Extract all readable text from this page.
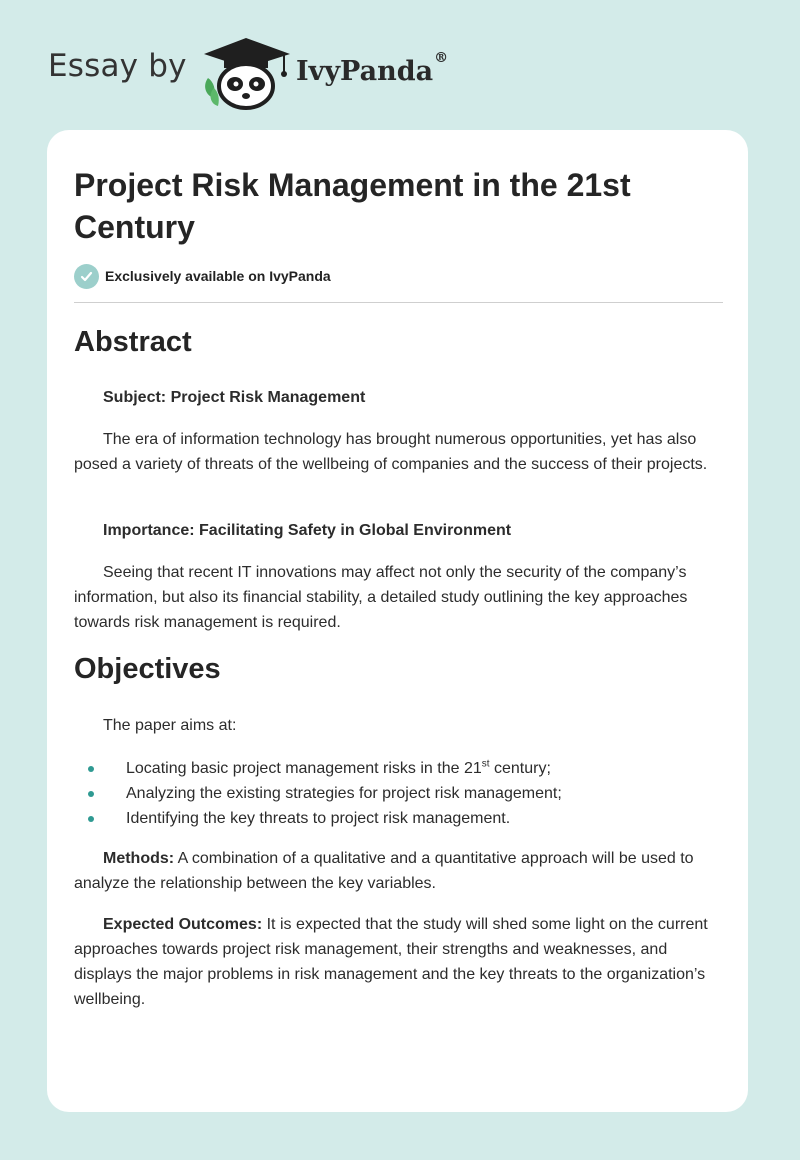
Essay by	IvyPanda®
Project Risk Management in the 21st Century
Exclusively available on IvyPanda
Abstract

Subject: Project Risk Management

The era of information technology has brought numerous opportunities, yet has also posed a variety of threats of the wellbeing of companies and the success of their projects.

Importance: Facilitating Safety in Global Environment

Seeing that recent IT innovations may affect not only the security of the company’s information, but also its financial stability, a detailed study outlining the key approaches towards risk management is required.

Objectives

The paper aims at:

Locating basic project management risks in the 21st century;
Analyzing the existing strategies for project risk management;
Identifying the key threats to project risk management.

Methods: A combination of a qualitative and a quantitative approach will be used to analyze the relationship between the key variables.

Expected Outcomes: It is expected that the study will shed some light on the current approaches towards project risk management, their strengths and weaknesses, and displays the major problems in risk management and the key threats to the organization’s wellbeing.
